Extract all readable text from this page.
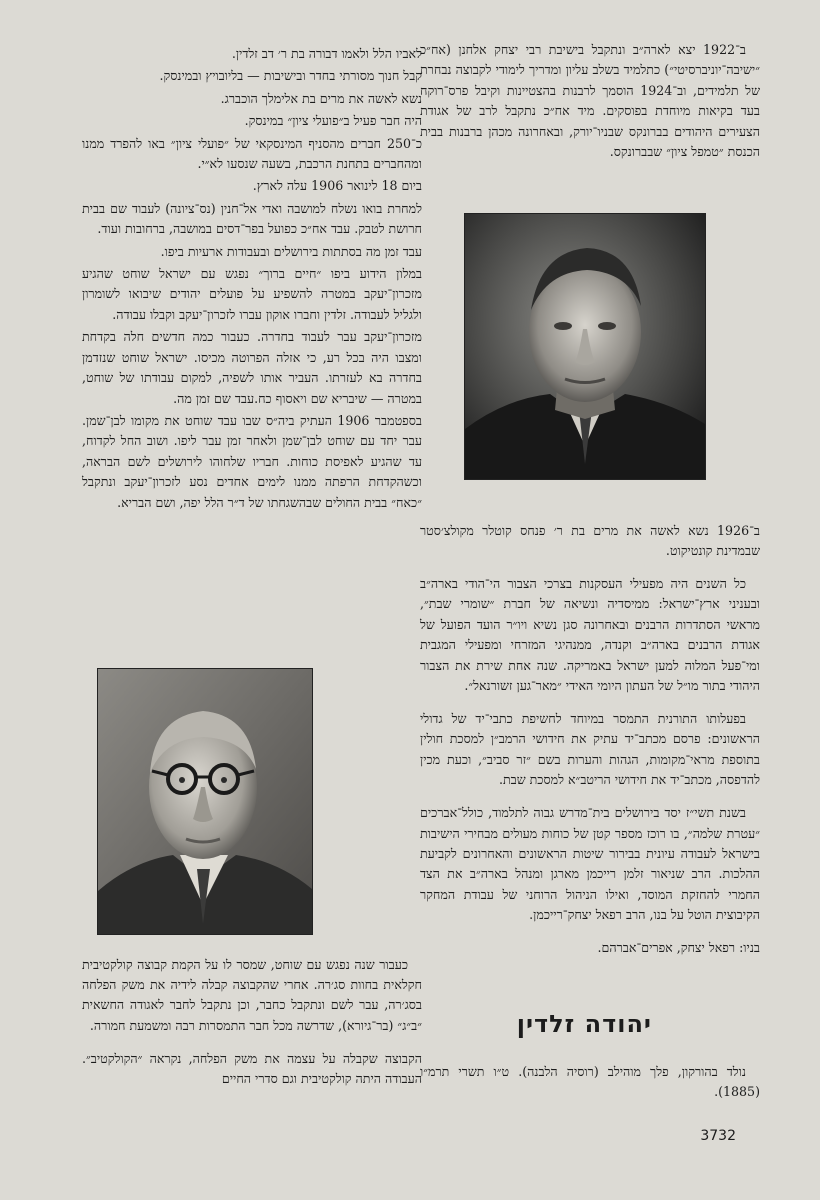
ב־1922 יצא לארה״ב ונתקבל בישיבת רבי יצחק אלחנן (אח״כ ״ישיבה־יוניברסיטי״) כתלמיד בשלב עליון ומדריך לימודי לקבוצה נבחרת של תלמידים, וב־1924 הוסמך לרבנות בהצטיינות וקיבל פרס־רוקח בעד בקיאות מיוחדת בפוסקים. מיד אח״כ נתקבל לרב של אגודת הצעירים היהודים בברונקס שבניו־יורק, ובאחרונה מכהן ברבנות בבית הכנסת ״טמפל ציון״ שבברונקס.

ב־1926 נשא לאשה את מרים בת ר׳ פנחס קוטלר מקולצ׳סטר שבמדינת קונטיקוט.

כל השנים היה מפעילי העסקנות בצרכי הצבור הי־הודי בארה״ב ובעניני ארץ־ישראל: ממיסדיה ונשיאה של חברת ״שומרי שבת״, מראשי הסתדרות הרבנים ובאחרונה סגן נשיא ויו״ר הועד הפועל של אגודת הרבנים בארה״ב וקנדה, ממנהיגי המזרחי ומפעילי המגבית ומי־פעל המלוה למען ישראל באמריקה. שנה אחת שירת את הצבור היהודי בתור מו״ל של העתון היומי האידי ״מאר־גען זשורנאל״.

בפעלותו התורנית התמסר במיוחד לחשיפת כתבי־יד של גדולי הראשונים: פרסם מכתב־יד עתיק את חידושי הרמב״ן למסכת חולין בתוספת מראי־מקומות, הגהות והערות בשם ״זר סביב״, וכעת מכין להדפסה, מכתב־יד את חידושי הריטב״א למסכת שבת.

בשנת תשי״ז יסד בירושלים בית־מדרש גבוה לתלמוד, כולל־אברכים ״עטרת שלמה״, בו רוכז מספר קטן של כוחות מעולים מבחירי הישיבות בישראל לעבודה עיונית בבירור שיטות הראשונים והאחרונים לקביעת ההלכות. הרב שניאור זלמן רייכמן מארגן ומנהל בארה״ב את הצד החמרי להחזקת המוסד, ואילו הניהול הרוחני של עבודת המחקר הקיבוצית הוטל על בנו, הרב רפאל יצחק־רייכמן.

בניו: רפאל יצחק, אפרים־אברהם.

יהודה זלדין
נולד בהורקון, פלך מוהילב (רוסיה הלבנה). ט״ו תשרי תרמ״ו (1885).

לאביו הלל ולאמו דבורה בת ר׳ דב זלדין.

קבל חנוך מסורתי בחדר ובישיבות — בליובויץ ובמינסק.

נשא לאשה את מרים בת אלימלך הוכברג.

היה חבר פעיל ב״פועלי ציון״ במינסק.

כ־250 חברים מהסניף המינסקאי של ״פועלי ציון״ באו להפרד ממנו ומהחברים בתחנת הרכבת, בשעה שנסעו לא״י.

ביום 18 לינואר 1906 עלה לארץ.

למחרת בואו נשלח למושבה ואדי אל־חנין (נס־ציונה) לעבוד שם בבית חרושת לטבק. עבד אח״כ כפועל בפר־דסים במושבה, ברחובות ועוד.

עבד זמן מה בסתתות בירושלים ובעבודות ארעיות ביפו.

במלון הידוע ביפו ״חיים ברוך״ נפגש עם ישראל שוחט שהגיע מזכרון־יעקב במטרה להשפיע על פועלים יהודים שיבואו לשומרון ולגליל לעבודה. זלדין וחברו אוקון עברו לזכרון־יעקב וקבלו עבודה.

מזכרון־יעקב עבר לעבוד בחדרה. כעבור כמה חדשים חלה בקדחת ומצבו היה בכל רע, כי אזלה הפרוטה מכיסו. ישראל שוחט שנזדמן בחדרה בא לעזרתו. העביר אותו לשפיה, למקום עבודתו של שוחט, במטרה — שיבריא שם ויאסוף כח.עבד שם זמן מה.

בספטמבר 1906 העתיק ביה״ס שבו עבד שוחט את מקומו לבן־שמן. עבר יחד עם שוחט לבן־שמן ולאחר זמן עבר ליפו. ושוב החל לקדוח, עד שהגיע לאפיסת כוחות. חבריו שלחוהו לירושלים לשם הבראה, וכשהקדחת הרפתה ממנו לימים אחדים נסע לזכרון־יעקב ונתקבל ״כאח״ בבית החולים שבהשגחתו של ד״ר הלל יפה, ושם הבריא.

כעבור שנה נפגש עם שוחט, שמסר לו על הקמת קבוצה קולקטיבית חקלאית בחוות סג׳רה. אחרי שהקבוצה קבלה לידיה את משק הפלחה בסג׳רה, עבר לשם ונתקבל כחבר, וכן נתקבל לחבר לאגודה החשאית ״ב״ג״ (בר־גיורא), שדרשה מכל חבר התמסרות רבה ומשמעת חמורה.

הקבוצה שקבלה על עצמה את משק הפלחה, נקראה ״הקולקטיב״. העבודה היתה קולקטיבית וגם סדרי החיים

3732
